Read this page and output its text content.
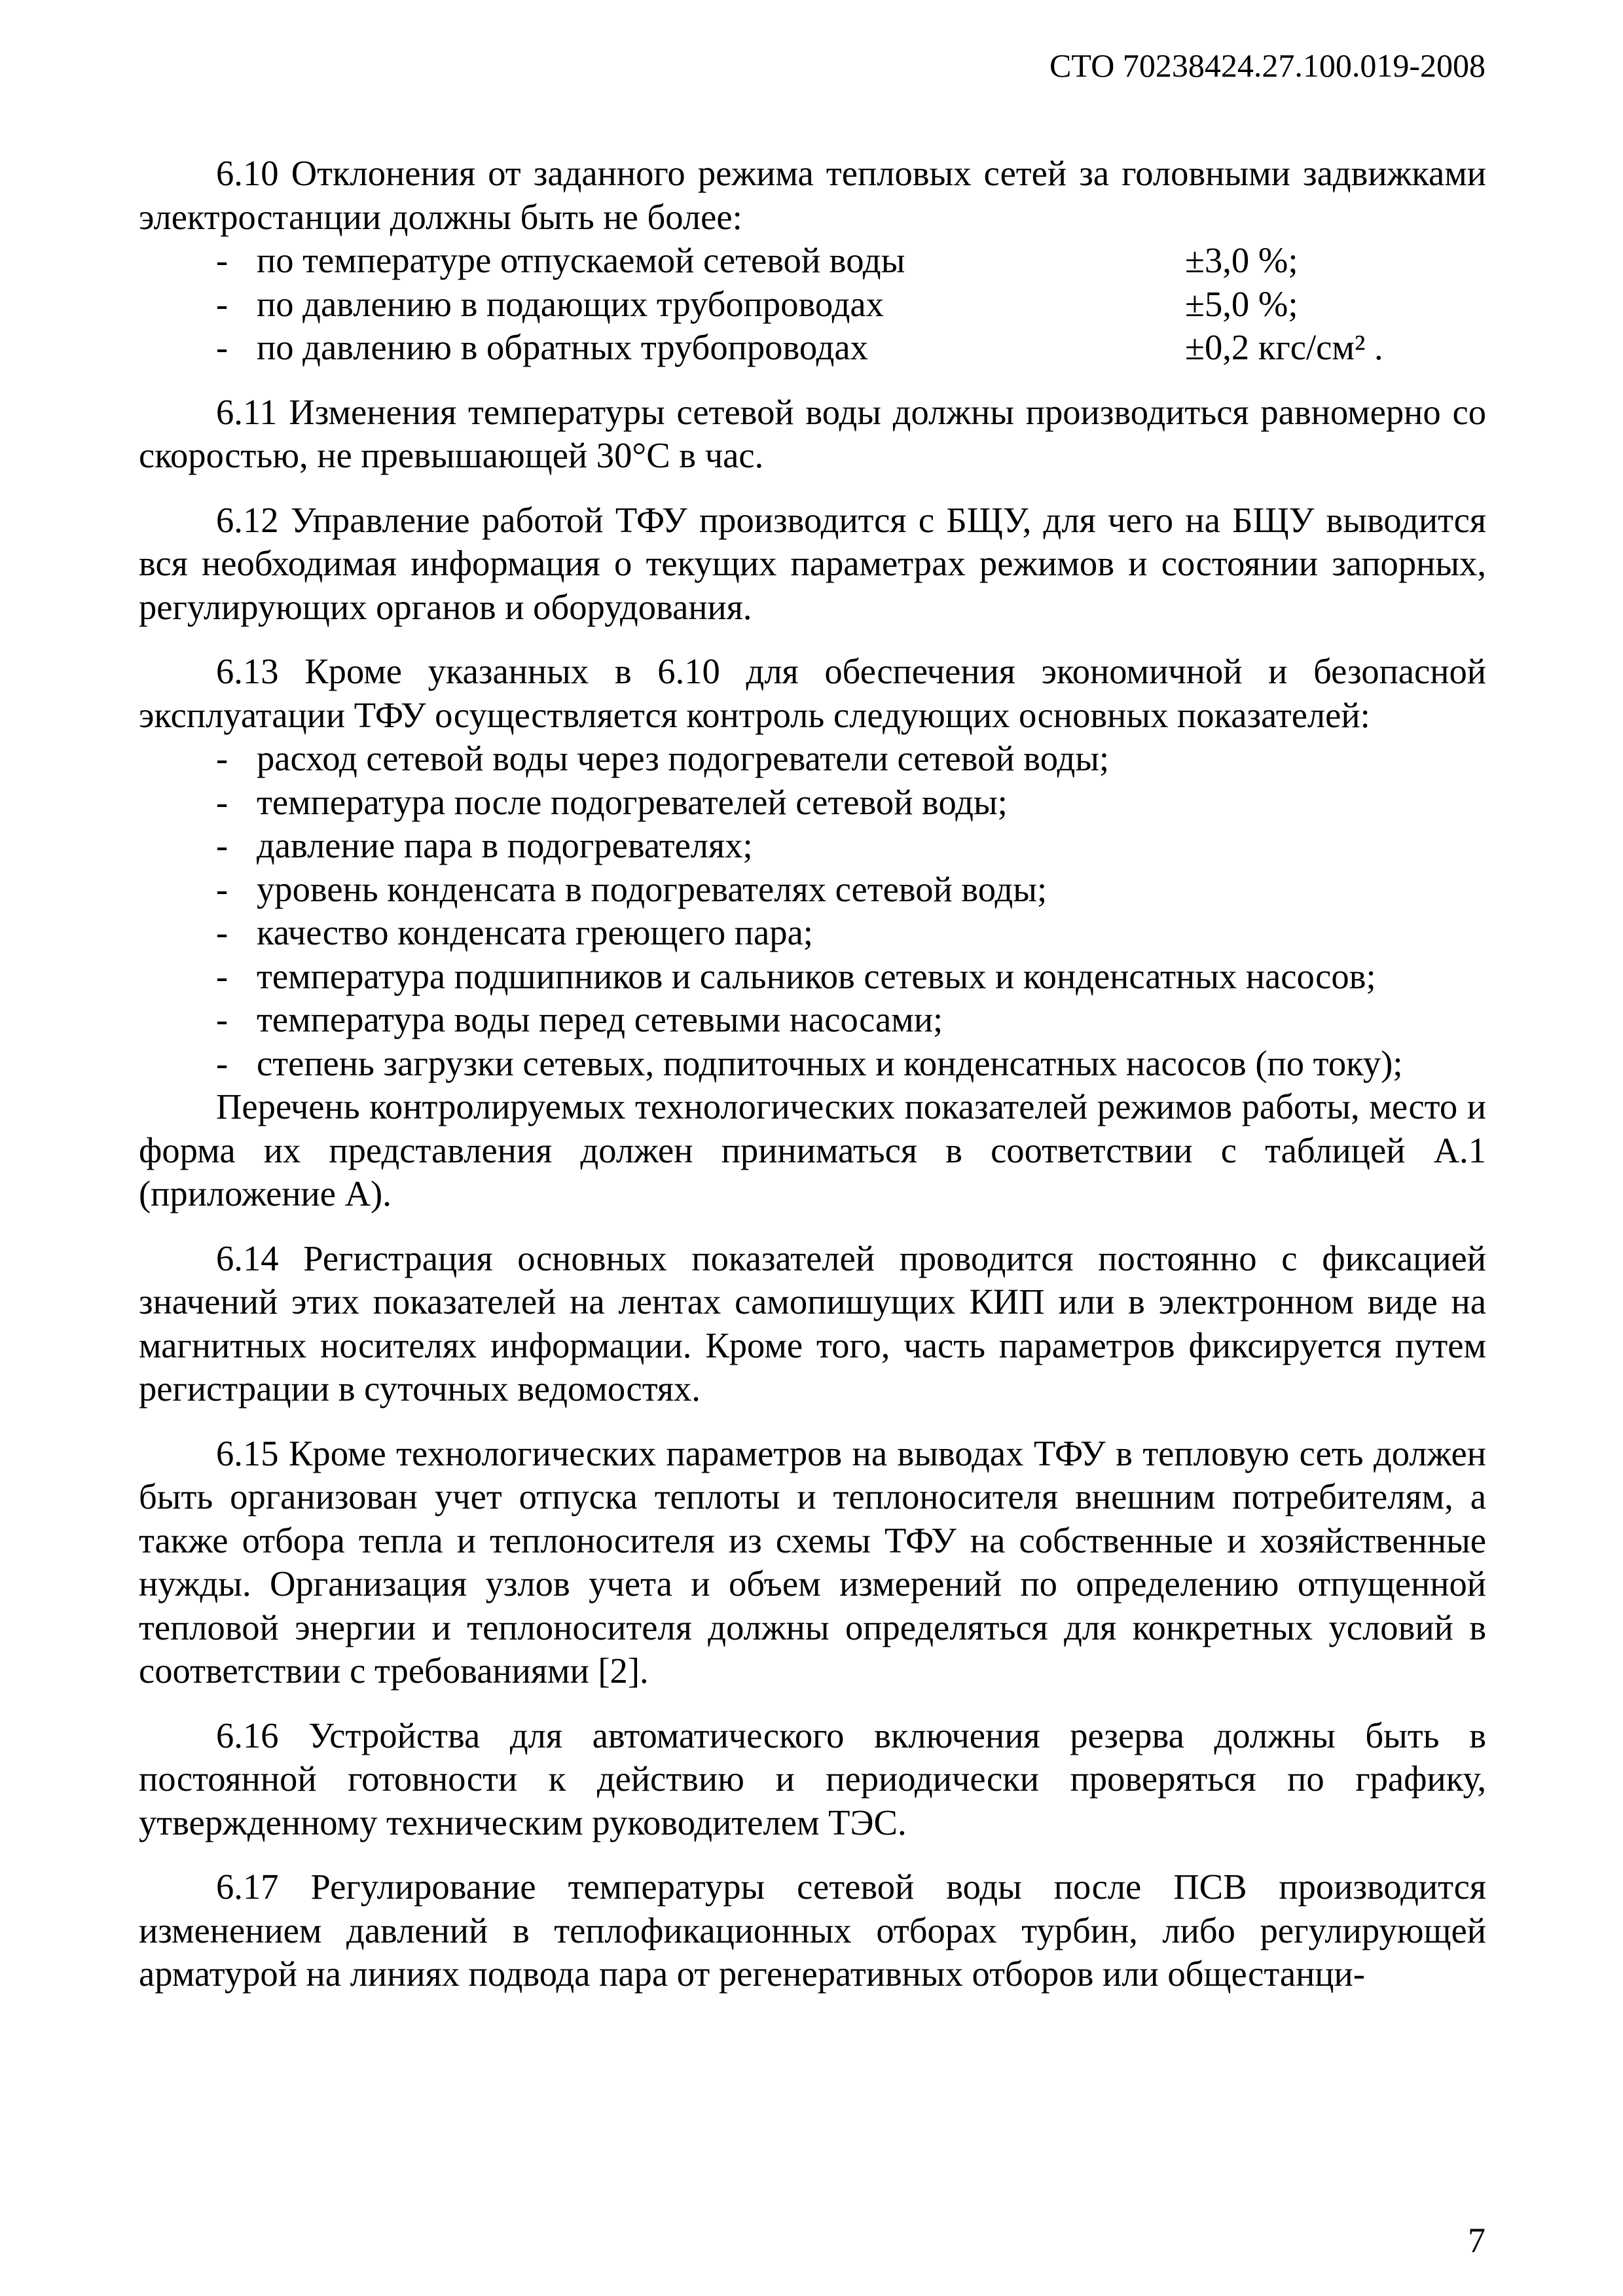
СТО 70238424.27.100.019-2008

6.10 Отклонения от заданного режима тепловых сетей за головными задвижками электростанции должны быть не более:

- по температуре отпускаемой сетевой воды	±3,0 %;
- по давлению в подающих трубопроводах	±5,0 %;
- по давлению в обратных трубопроводах	±0,2 кгс/см² .

6.11 Изменения температуры сетевой воды должны производиться равномерно со скоростью, не превышающей 30°С в час.

6.12 Управление работой ТФУ производится с БЩУ, для чего на БЩУ выводится вся необходимая информация о текущих параметрах режимов и состоянии запорных, регулирующих органов и оборудования.

6.13 Кроме указанных в 6.10 для обеспечения экономичной и безопасной эксплуатации ТФУ осуществляется контроль следующих основных показателей:

- расход сетевой воды через подогреватели сетевой воды;

- температура после подогревателей сетевой воды;

- давление пара в подогревателях;

- уровень конденсата в подогревателях сетевой воды;

- качество конденсата греющего пара;

- температура подшипников и сальников сетевых и конденсатных насосов;

- температура воды перед сетевыми насосами;

- степень загрузки сетевых, подпиточных и конденсатных насосов (по току);

Перечень контролируемых технологических показателей режимов работы, место и форма их представления должен приниматься в соответствии с таблицей А.1 (приложение А).

6.14 Регистрация основных показателей проводится постоянно с фиксацией значений этих показателей на лентах самопишущих КИП или в электронном виде на магнитных носителях информации. Кроме того, часть параметров фиксируется путем регистрации в суточных ведомостях.

6.15 Кроме технологических параметров на выводах ТФУ в тепловую сеть должен быть организован учет отпуска теплоты и теплоносителя внешним потребителям, а также отбора тепла и теплоносителя из схемы ТФУ на собственные и хозяйственные нужды. Организация узлов учета и объем измерений по определению отпущенной тепловой энергии и теплоносителя должны определяться для конкретных условий в соответствии с требованиями [2].

6.16 Устройства для автоматического включения резерва должны быть в постоянной готовности к действию и периодически проверяться по графику, утвержденному техническим руководителем ТЭС.

6.17 Регулирование температуры сетевой воды после ПСВ производится изменением давлений в теплофикационных отборах турбин, либо регулирующей арматурой на линиях подвода пара от регенеративных отборов или общестанци-

7
